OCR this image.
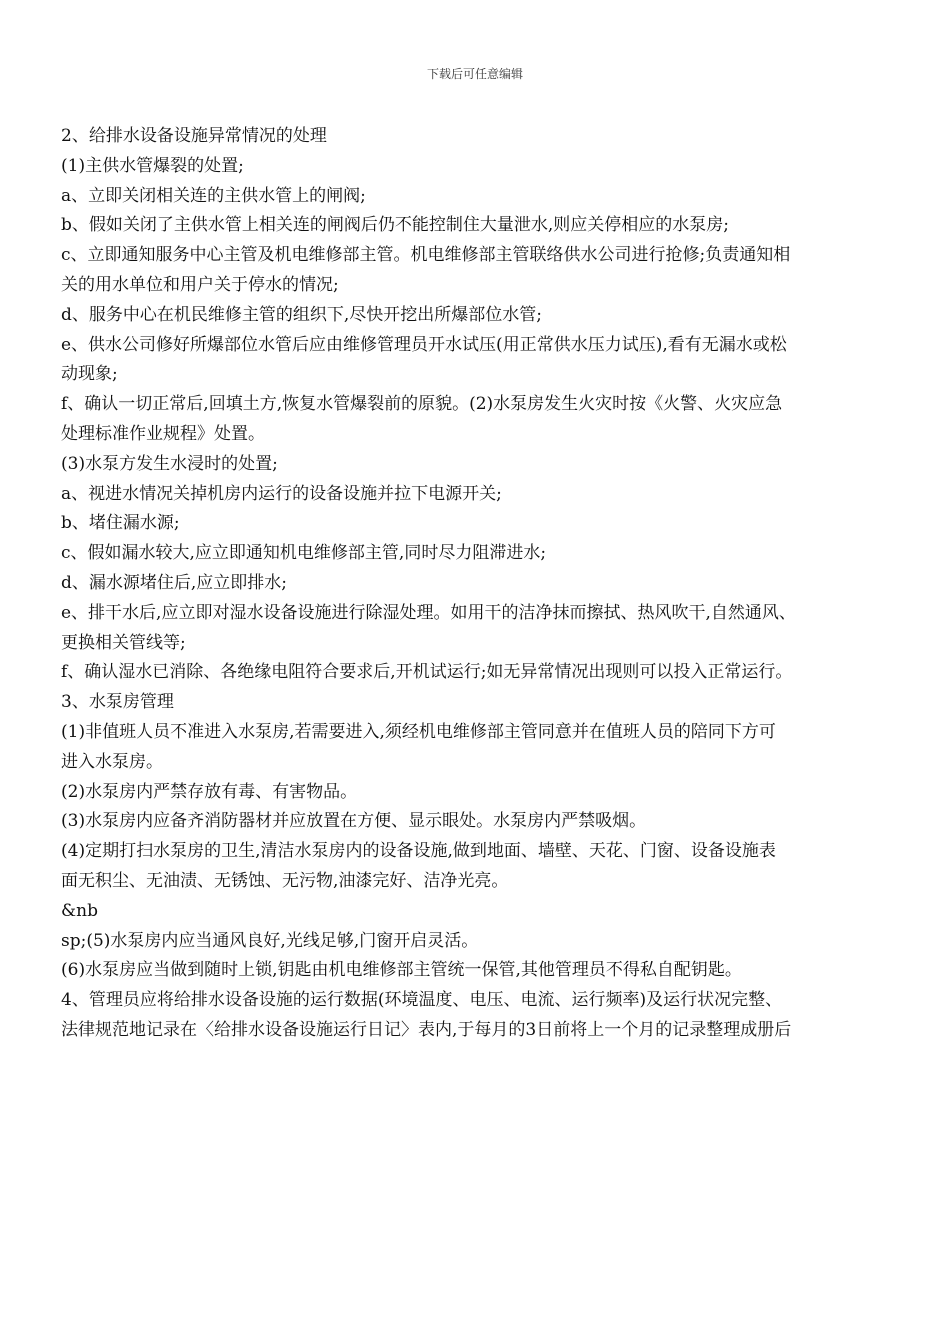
下载后可任意编辑
2、给排水设备设施异常情况的处理
(1)主供水管爆裂的处置;
a、立即关闭相关连的主供水管上的闸阀;
b、假如关闭了主供水管上相关连的闸阀后仍不能控制住大量泄水,则应关停相应的水泵房;
c、立即通知服务中心主管及机电维修部主管。机电维修部主管联络供水公司进行抢修;负责通知相
关的用水单位和用户关于停水的情况;
d、服务中心在机民维修主管的组织下,尽快开挖出所爆部位水管;
e、供水公司修好所爆部位水管后应由维修管理员开水试压(用正常供水压力试压),看有无漏水或松
动现象;
f、确认一切正常后,回填土方,恢复水管爆裂前的原貌。(2)水泵房发生火灾时按《火警、火灾应急
处理标准作业规程》处置。
(3)水泵方发生水浸时的处置;
a、视进水情况关掉机房内运行的设备设施并拉下电源开关;
b、堵住漏水源;
c、假如漏水较大,应立即通知机电维修部主管,同时尽力阻滞进水;
d、漏水源堵住后,应立即排水;
e、排干水后,应立即对湿水设备设施进行除湿处理。如用干的洁净抹而擦拭、热风吹干,自然通风、
更换相关管线等;
f、确认湿水已消除、各绝缘电阻符合要求后,开机试运行;如无异常情况出现则可以投入正常运行。
3、水泵房管理
(1)非值班人员不准进入水泵房,若需要进入,须经机电维修部主管同意并在值班人员的陪同下方可
进入水泵房。
(2)水泵房内严禁存放有毒、有害物品。
(3)水泵房内应备齐消防器材并应放置在方便、显示眼处。水泵房内严禁吸烟。
(4)定期打扫水泵房的卫生,清洁水泵房内的设备设施,做到地面、墙壁、天花、门窗、设备设施表
面无积尘、无油渍、无锈蚀、无污物,油漆完好、洁净光亮。
&nb
sp;(5)水泵房内应当通风良好,光线足够,门窗开启灵活。
(6)水泵房应当做到随时上锁,钥匙由机电维修部主管统一保管,其他管理员不得私自配钥匙。
4、管理员应将给排水设备设施的运行数据(环境温度、电压、电流、运行频率)及运行状况完整、
法律规范地记录在〈给排水设备设施运行日记〉表内,于每月的3日前将上一个月的记录整理成册后
